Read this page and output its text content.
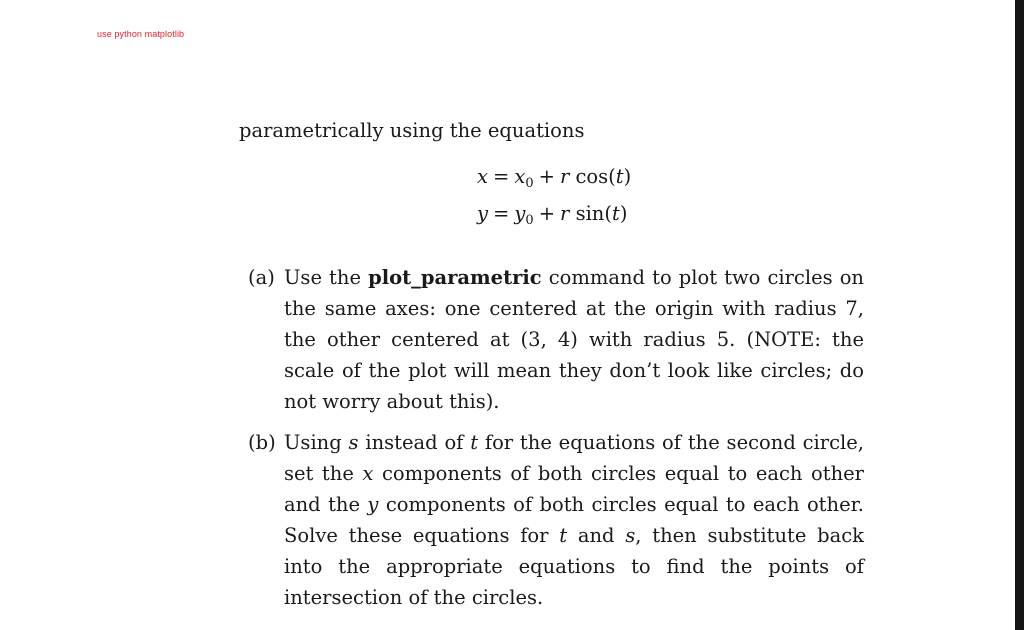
use python matplotlib

parametrically using the equations

$x = x_0 + r$ cos(t)
$y = y_0 + r$ sin(t)
(a) Use the plot_parametric command to plot two circles on the same axes: one centered at the origin with radius 7, the other centered at (3, 4) with radius 5. (NOTE: the scale of the plot will mean they don’t look like circles; do not worry about this).
(b) Using s instead of t for the equations of the second circle, set the x components of both circles equal to each other and the y components of both circles equal to each other. Solve these equations for t and s, then substitute back into the appropriate equations to find the points of intersection of the circles.
